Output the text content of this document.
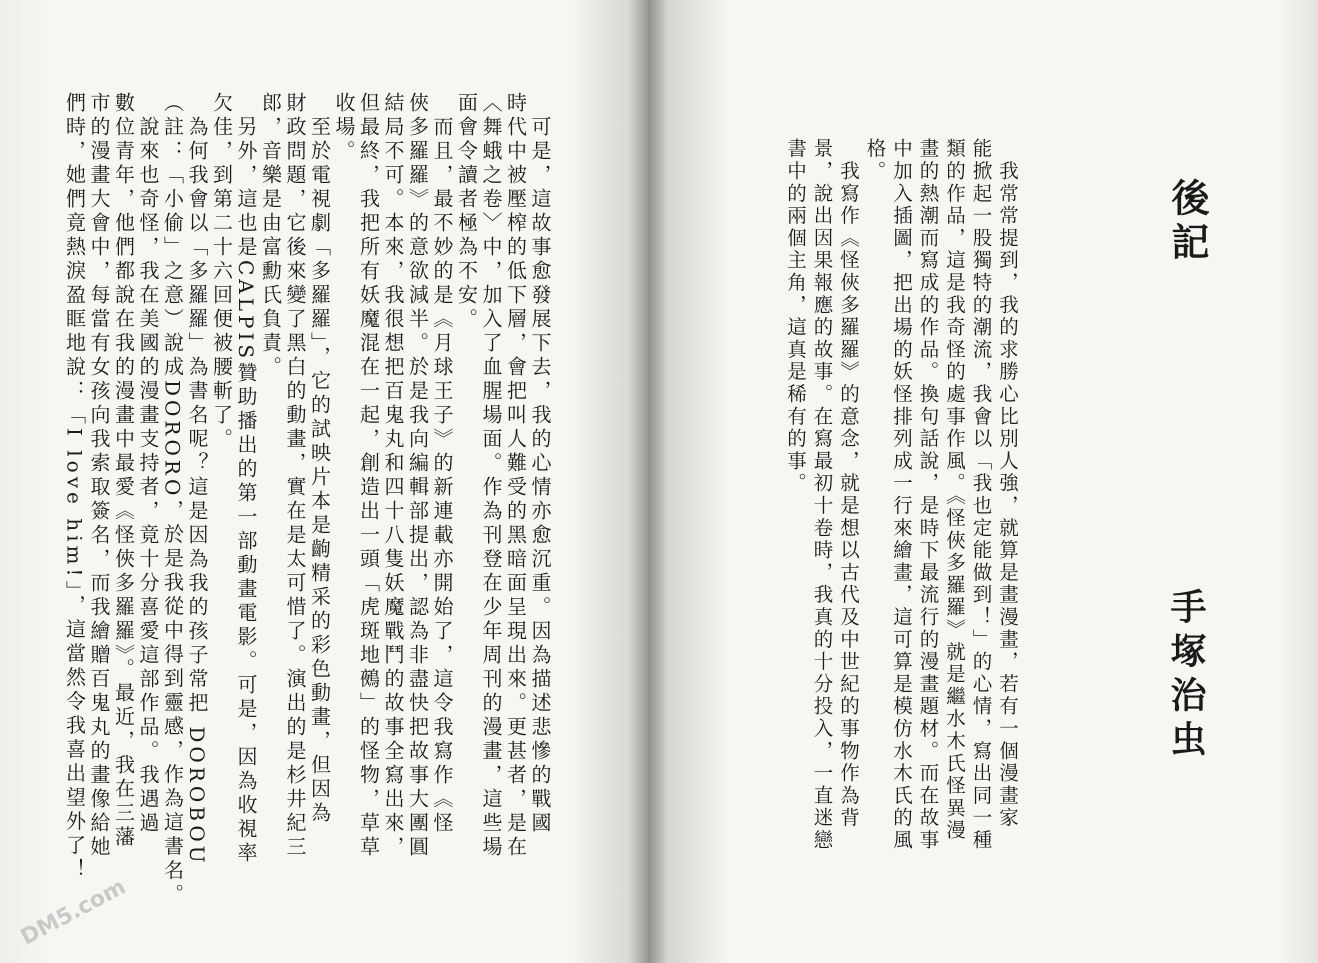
　可是，這故事愈發展下去，我的心情亦愈沉重。因為描述悲慘的戰國
時代中被壓榨的低下層，會把叫人難受的黑暗面呈現出來。更甚者，是在
〈舞蛾之卷〉中，加入了血腥場面。作為刊登在少年周刊的漫畫，這些場
面會令讀者極為不安。
　而且，最不妙的是《月球王子》的新連載亦開始了，這令我寫作《怪
俠多羅羅》的意欲減半。於是我向編輯部提出，認為非盡快把故事大團圓
結局不可。本來，我很想把百鬼丸和四十八隻妖魔戰鬥的故事全寫出來，
但最終，我把所有妖魔混在一起，創造出一頭「虎斑地鵺」的怪物，草草
收場。
　至於電視劇「多羅羅」，它的試映片本是齣精采的彩色動畫，但因為
財政問題，它後來變了黑白的動畫，實在是太可惜了。演出的是杉井紀三
郎，音樂是由富勳氏負責。
　另外，這也是CALPIS贊助播出的第一部動畫電影。可是，因為收視率
欠佳，到第二十六回便被腰斬了。
　為何我會以「多羅羅」為書名呢？這是因為我的孩子常把 DOROBOU
（註：「小偷」之意）說成DORORO，於是我從中得到靈感，作為這書名。
　說來也奇怪，我在美國的漫畫支持者，竟十分喜愛這部作品。我遇過
數位青年，他們都說在我的漫畫中最愛《怪俠多羅羅》。最近，我在三藩
市的漫畫大會中，每當有女孩向我索取簽名，而我繪贈百鬼丸的畫像給她
們時，她們竟熱淚盈眶地說：「I love him!」，這當然令我喜出望外了！	　我常常提到，我的求勝心比別人強，就算是畫漫畫，若有一個漫畫家
能掀起一股獨特的潮流，我會以「我也定能做到！」的心情，寫出同一種
類的作品，這是我奇怪的處事作風。《怪俠多羅羅》就是繼水木氏怪異漫
畫的熱潮而寫成的作品。換句話說，是時下最流行的漫畫題材。而在故事
中加入插圖，把出場的妖怪排列成一行來繪畫，這可算是模仿水木氏的風
格。
　我寫作《怪俠多羅羅》的意念，就是想以古代及中世紀的事物作為背
景，說出因果報應的故事。在寫最初十卷時，我真的十分投入，一直迷戀
書中的兩個主角，這真是稀有的事。	後記
手塚治虫
DM5.com
